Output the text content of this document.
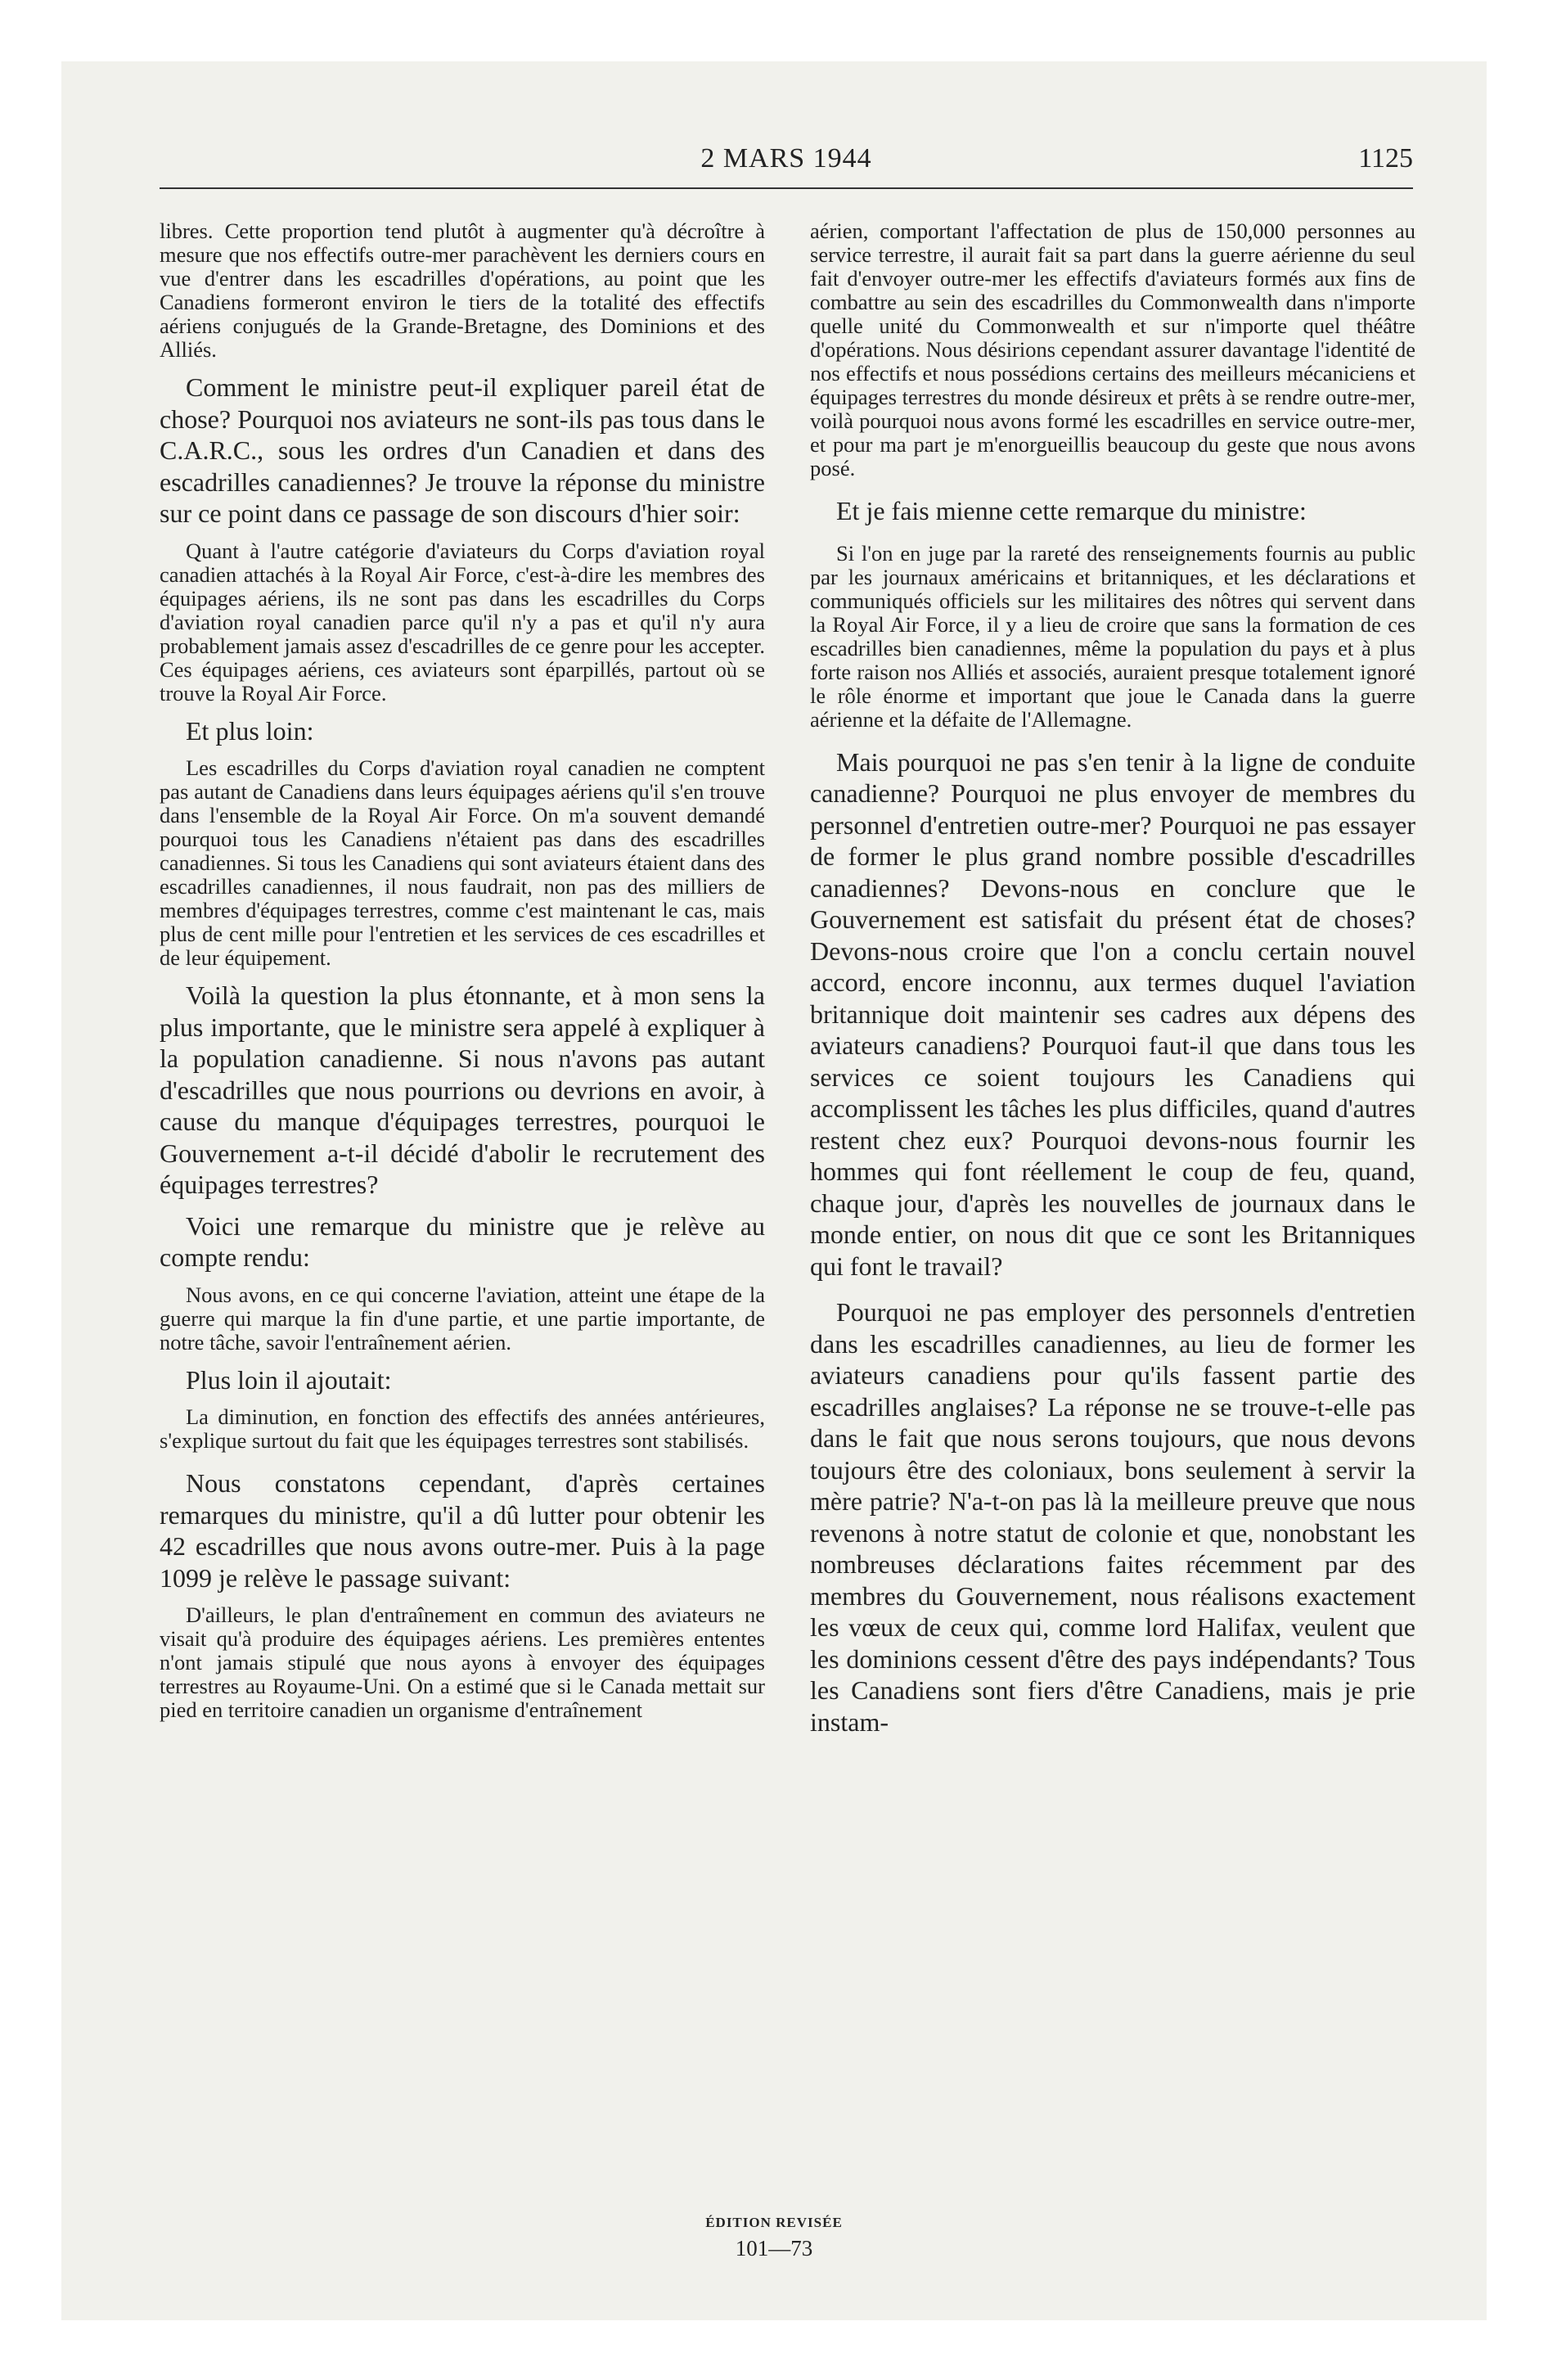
2 MARS 1944	1125

libres. Cette proportion tend plutôt à augmenter qu'à décroître à mesure que nos effectifs outre-mer parachèvent les derniers cours en vue d'entrer dans les escadrilles d'opérations, au point que les Canadiens formeront environ le tiers de la totalité des effectifs aériens conjugués de la Grande-Bretagne, des Dominions et des Alliés.

Comment le ministre peut-il expliquer pareil état de chose? Pourquoi nos aviateurs ne sont-ils pas tous dans le C.A.R.C., sous les ordres d'un Canadien et dans des escadrilles canadiennes? Je trouve la réponse du ministre sur ce point dans ce passage de son discours d'hier soir:

Quant à l'autre catégorie d'aviateurs du Corps d'aviation royal canadien attachés à la Royal Air Force, c'est-à-dire les membres des équipages aériens, ils ne sont pas dans les escadrilles du Corps d'aviation royal canadien parce qu'il n'y a pas et qu'il n'y aura probablement jamais assez d'escadrilles de ce genre pour les accepter. Ces équipages aériens, ces aviateurs sont éparpillés, partout où se trouve la Royal Air Force.

Et plus loin:

Les escadrilles du Corps d'aviation royal canadien ne comptent pas autant de Canadiens dans leurs équipages aériens qu'il s'en trouve dans l'ensemble de la Royal Air Force. On m'a souvent demandé pourquoi tous les Canadiens n'étaient pas dans des escadrilles canadiennes. Si tous les Canadiens qui sont aviateurs étaient dans des escadrilles canadiennes, il nous faudrait, non pas des milliers de membres d'équipages terrestres, comme c'est maintenant le cas, mais plus de cent mille pour l'entretien et les services de ces escadrilles et de leur équipement.

Voilà la question la plus étonnante, et à mon sens la plus importante, que le ministre sera appelé à expliquer à la population canadienne. Si nous n'avons pas autant d'escadrilles que nous pourrions ou devrions en avoir, à cause du manque d'équipages terrestres, pourquoi le Gouvernement a-t-il décidé d'abolir le recrutement des équipages terrestres?

Voici une remarque du ministre que je relève au compte rendu:

Nous avons, en ce qui concerne l'aviation, atteint une étape de la guerre qui marque la fin d'une partie, et une partie importante, de notre tâche, savoir l'entraînement aérien.

Plus loin il ajoutait:

La diminution, en fonction des effectifs des années antérieures, s'explique surtout du fait que les équipages terrestres sont stabilisés.

Nous constatons cependant, d'après certaines remarques du ministre, qu'il a dû lutter pour obtenir les 42 escadrilles que nous avons outre-mer. Puis à la page 1099 je relève le passage suivant:

D'ailleurs, le plan d'entraînement en commun des aviateurs ne visait qu'à produire des équipages aériens. Les premières ententes n'ont jamais stipulé que nous ayons à envoyer des équipages terrestres au Royaume-Uni. On a estimé que si le Canada mettait sur pied en territoire canadien un organisme d'entraînement

aérien, comportant l'affectation de plus de 150,000 personnes au service terrestre, il aurait fait sa part dans la guerre aérienne du seul fait d'envoyer outre-mer les effectifs d'aviateurs formés aux fins de combattre au sein des escadrilles du Commonwealth dans n'importe quelle unité du Commonwealth et sur n'importe quel théâtre d'opérations. Nous désirions cependant assurer davantage l'identité de nos effectifs et nous possédions certains des meilleurs mécaniciens et équipages terrestres du monde désireux et prêts à se rendre outre-mer, voilà pourquoi nous avons formé les escadrilles en service outre-mer, et pour ma part je m'enorgueillis beaucoup du geste que nous avons posé.

Et je fais mienne cette remarque du ministre:

Si l'on en juge par la rareté des renseignements fournis au public par les journaux américains et britanniques, et les déclarations et communiqués officiels sur les militaires des nôtres qui servent dans la Royal Air Force, il y a lieu de croire que sans la formation de ces escadrilles bien canadiennes, même la population du pays et à plus forte raison nos Alliés et associés, auraient presque totalement ignoré le rôle énorme et important que joue le Canada dans la guerre aérienne et la défaite de l'Allemagne.

Mais pourquoi ne pas s'en tenir à la ligne de conduite canadienne? Pourquoi ne plus envoyer de membres du personnel d'entretien outre-mer? Pourquoi ne pas essayer de former le plus grand nombre possible d'escadrilles canadiennes? Devons-nous en conclure que le Gouvernement est satisfait du présent état de choses? Devons-nous croire que l'on a conclu certain nouvel accord, encore inconnu, aux termes duquel l'aviation britannique doit maintenir ses cadres aux dépens des aviateurs canadiens? Pourquoi faut-il que dans tous les services ce soient toujours les Canadiens qui accomplissent les tâches les plus difficiles, quand d'autres restent chez eux? Pourquoi devons-nous fournir les hommes qui font réellement le coup de feu, quand, chaque jour, d'après les nouvelles de journaux dans le monde entier, on nous dit que ce sont les Britanniques qui font le travail?

Pourquoi ne pas employer des personnels d'entretien dans les escadrilles canadiennes, au lieu de former les aviateurs canadiens pour qu'ils fassent partie des escadrilles anglaises? La réponse ne se trouve-t-elle pas dans le fait que nous serons toujours, que nous devons toujours être des coloniaux, bons seulement à servir la mère patrie? N'a-t-on pas là la meilleure preuve que nous revenons à notre statut de colonie et que, nonobstant les nombreuses déclarations faites récemment par des membres du Gouvernement, nous réalisons exactement les vœux de ceux qui, comme lord Halifax, veulent que les dominions cessent d'être des pays indépendants? Tous les Canadiens sont fiers d'être Canadiens, mais je prie instam-

ÉDITION REVISÉE
101—73
